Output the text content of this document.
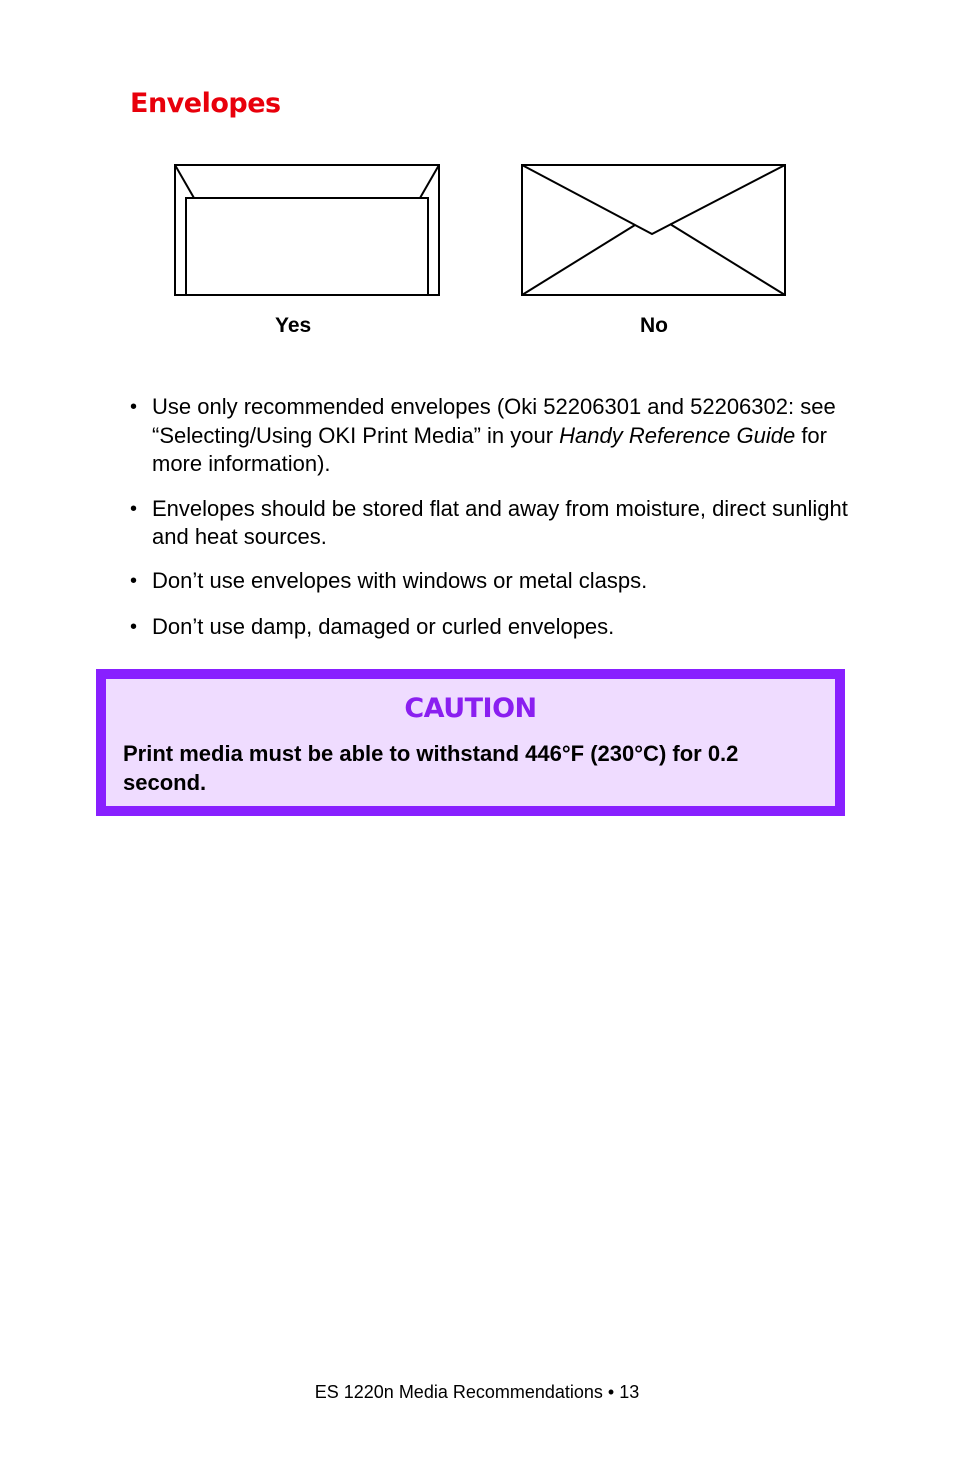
Envelopes
Yes	No
• Use only recommended envelopes (Oki 52206301 and 52206302: see “Selecting/Using OKI Print Media” in your Handy Reference Guide for more information).
• Envelopes should be stored flat and away from moisture, direct sunlight and heat sources.
• Don’t use envelopes with windows or metal clasps.
• Don’t use damp, damaged or curled envelopes.
CAUTION
Print media must be able to withstand 446°F (230°C) for 0.2 second.
ES 1220n Media Recommendations • 13
